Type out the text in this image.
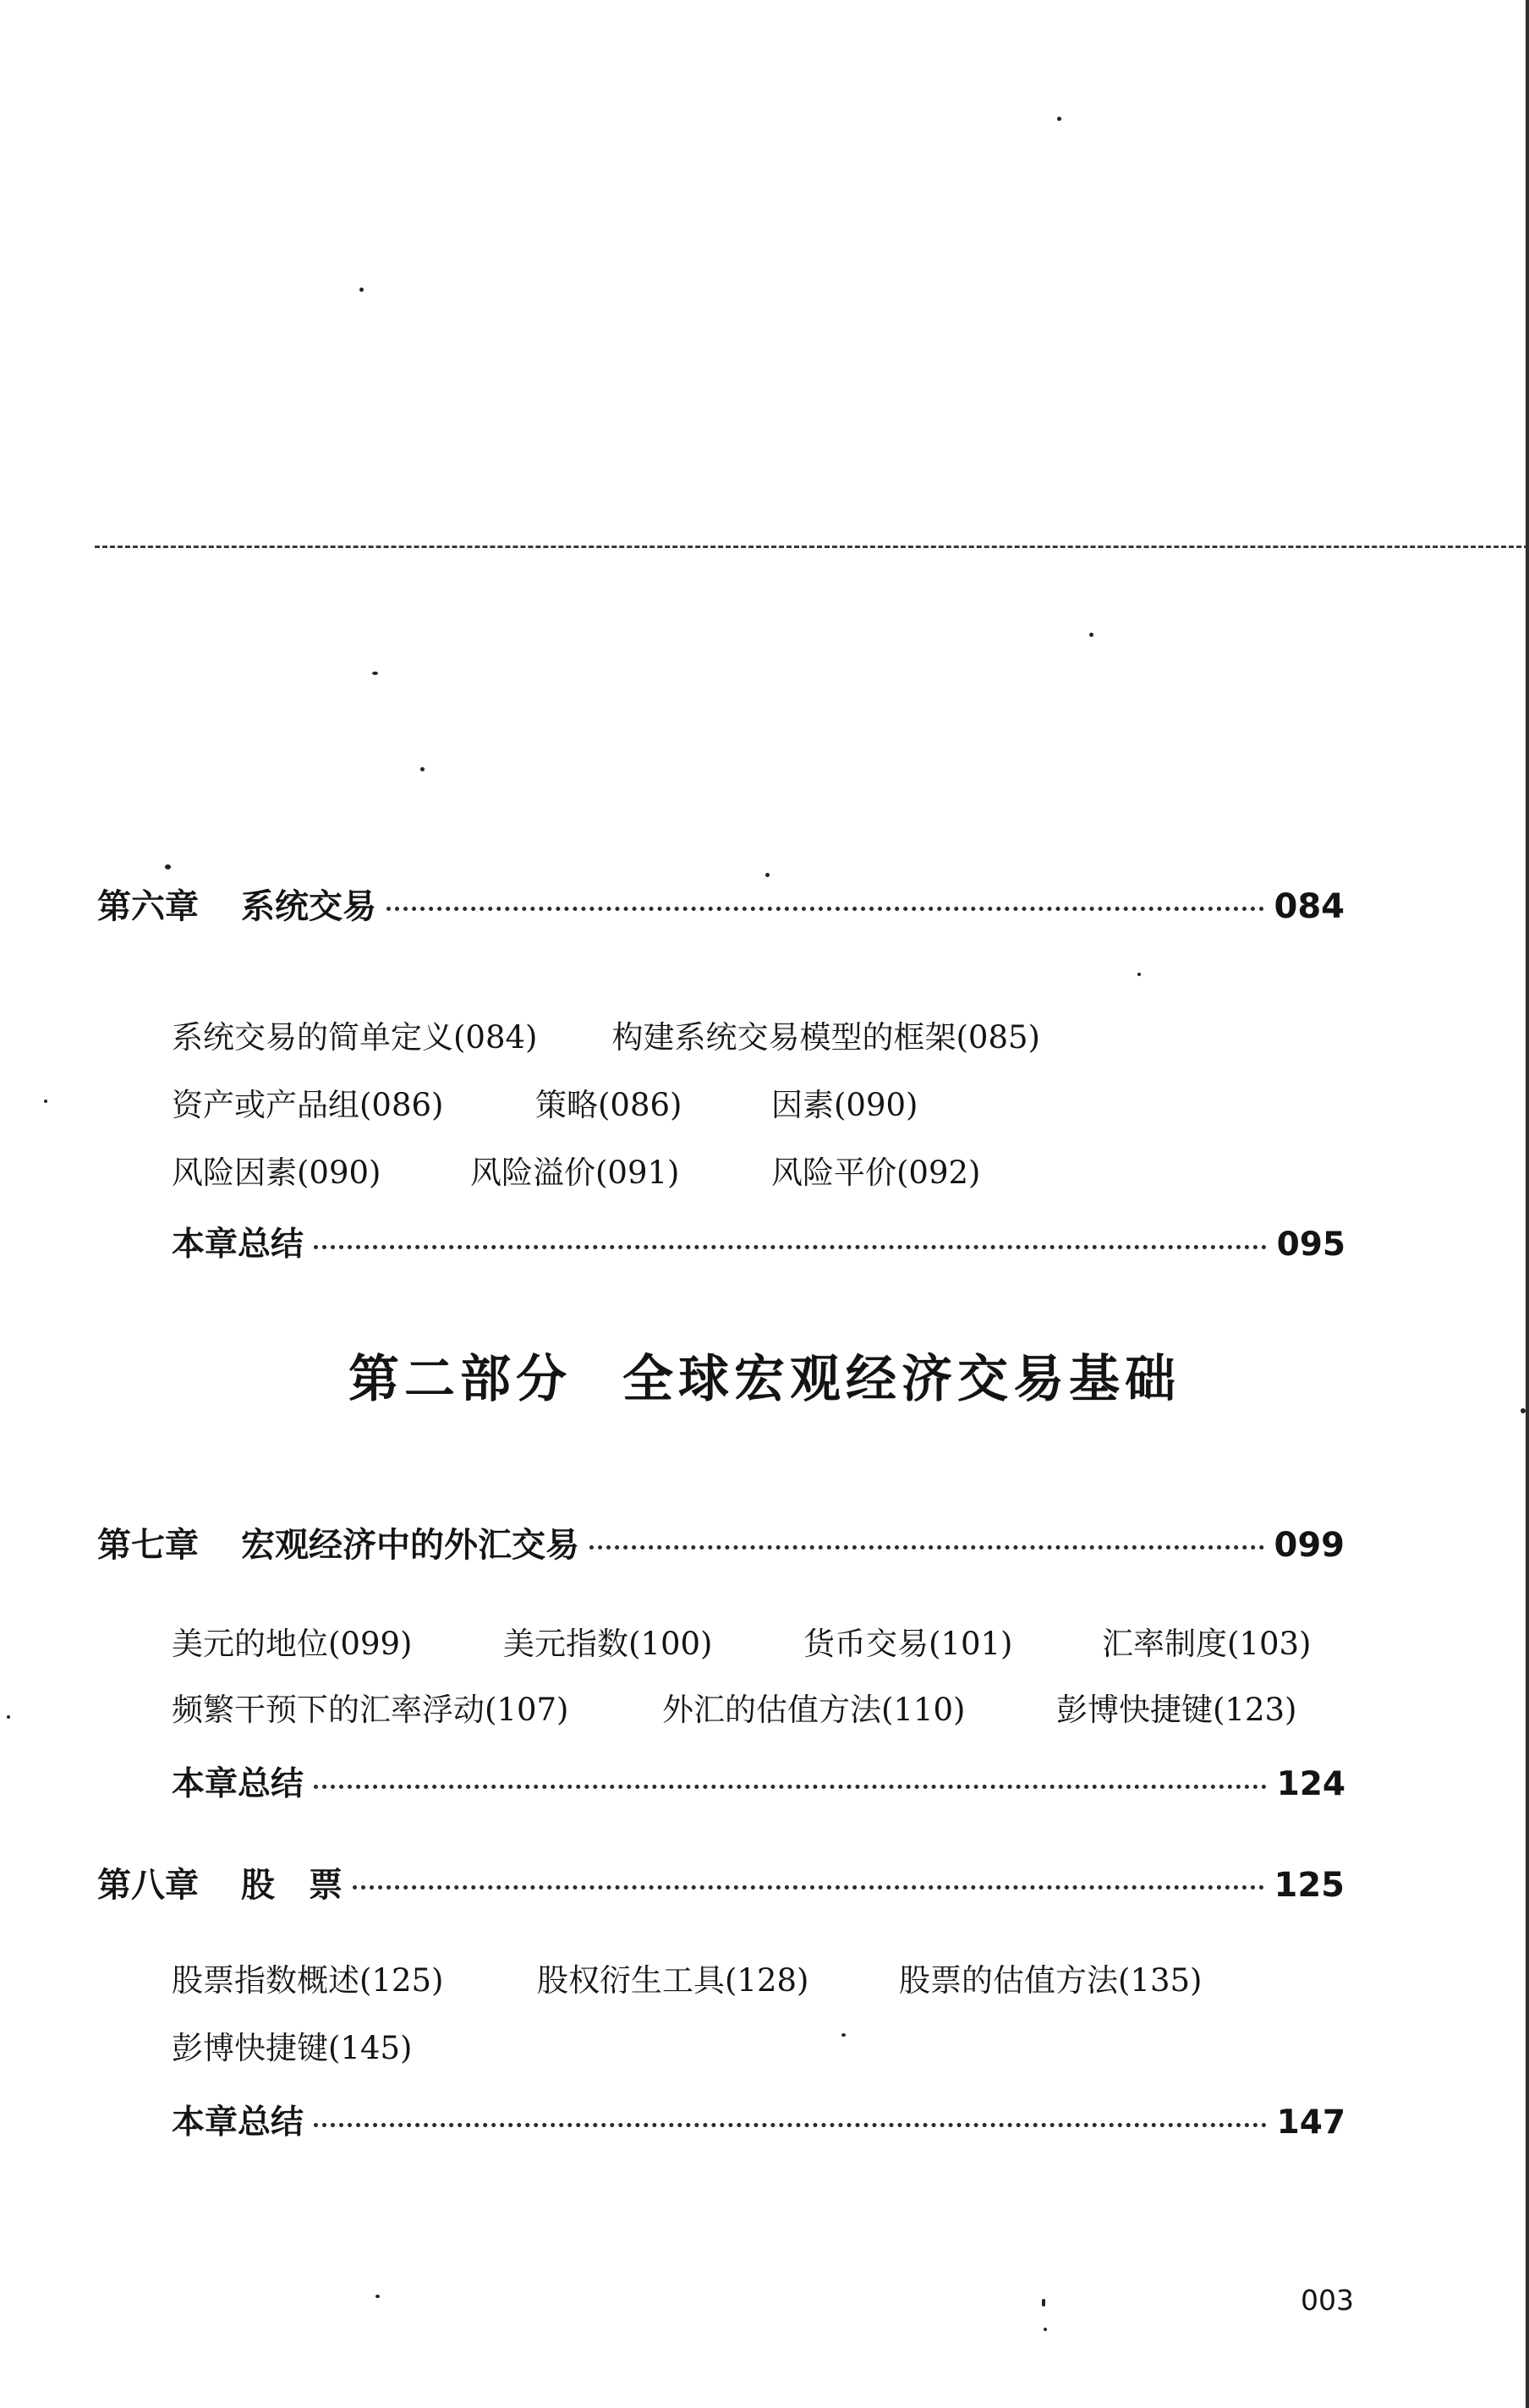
第六章 系统交易	084
系统交易的简单定义(084) 构建系统交易模型的框架(085)
资产或产品组(086)	策略(086)	因素(090)
风险因素(090)	风险溢价(091)	风险平价(092)
本章总结	095
第二部分 全球宏观经济交易基础
第七章 宏观经济中的外汇交易	099
美元的地位(099)	美元指数(100)	货币交易(101)	汇率制度(103)
频繁干预下的汇率浮动(107)	外汇的估值方法(110)	彭博快捷键(123)
本章总结	124
第八章 股　票	125
股票指数概述(125)	股权衍生工具(128)	股票的估值方法(135)
彭博快捷键(145)
本章总结	147
003
